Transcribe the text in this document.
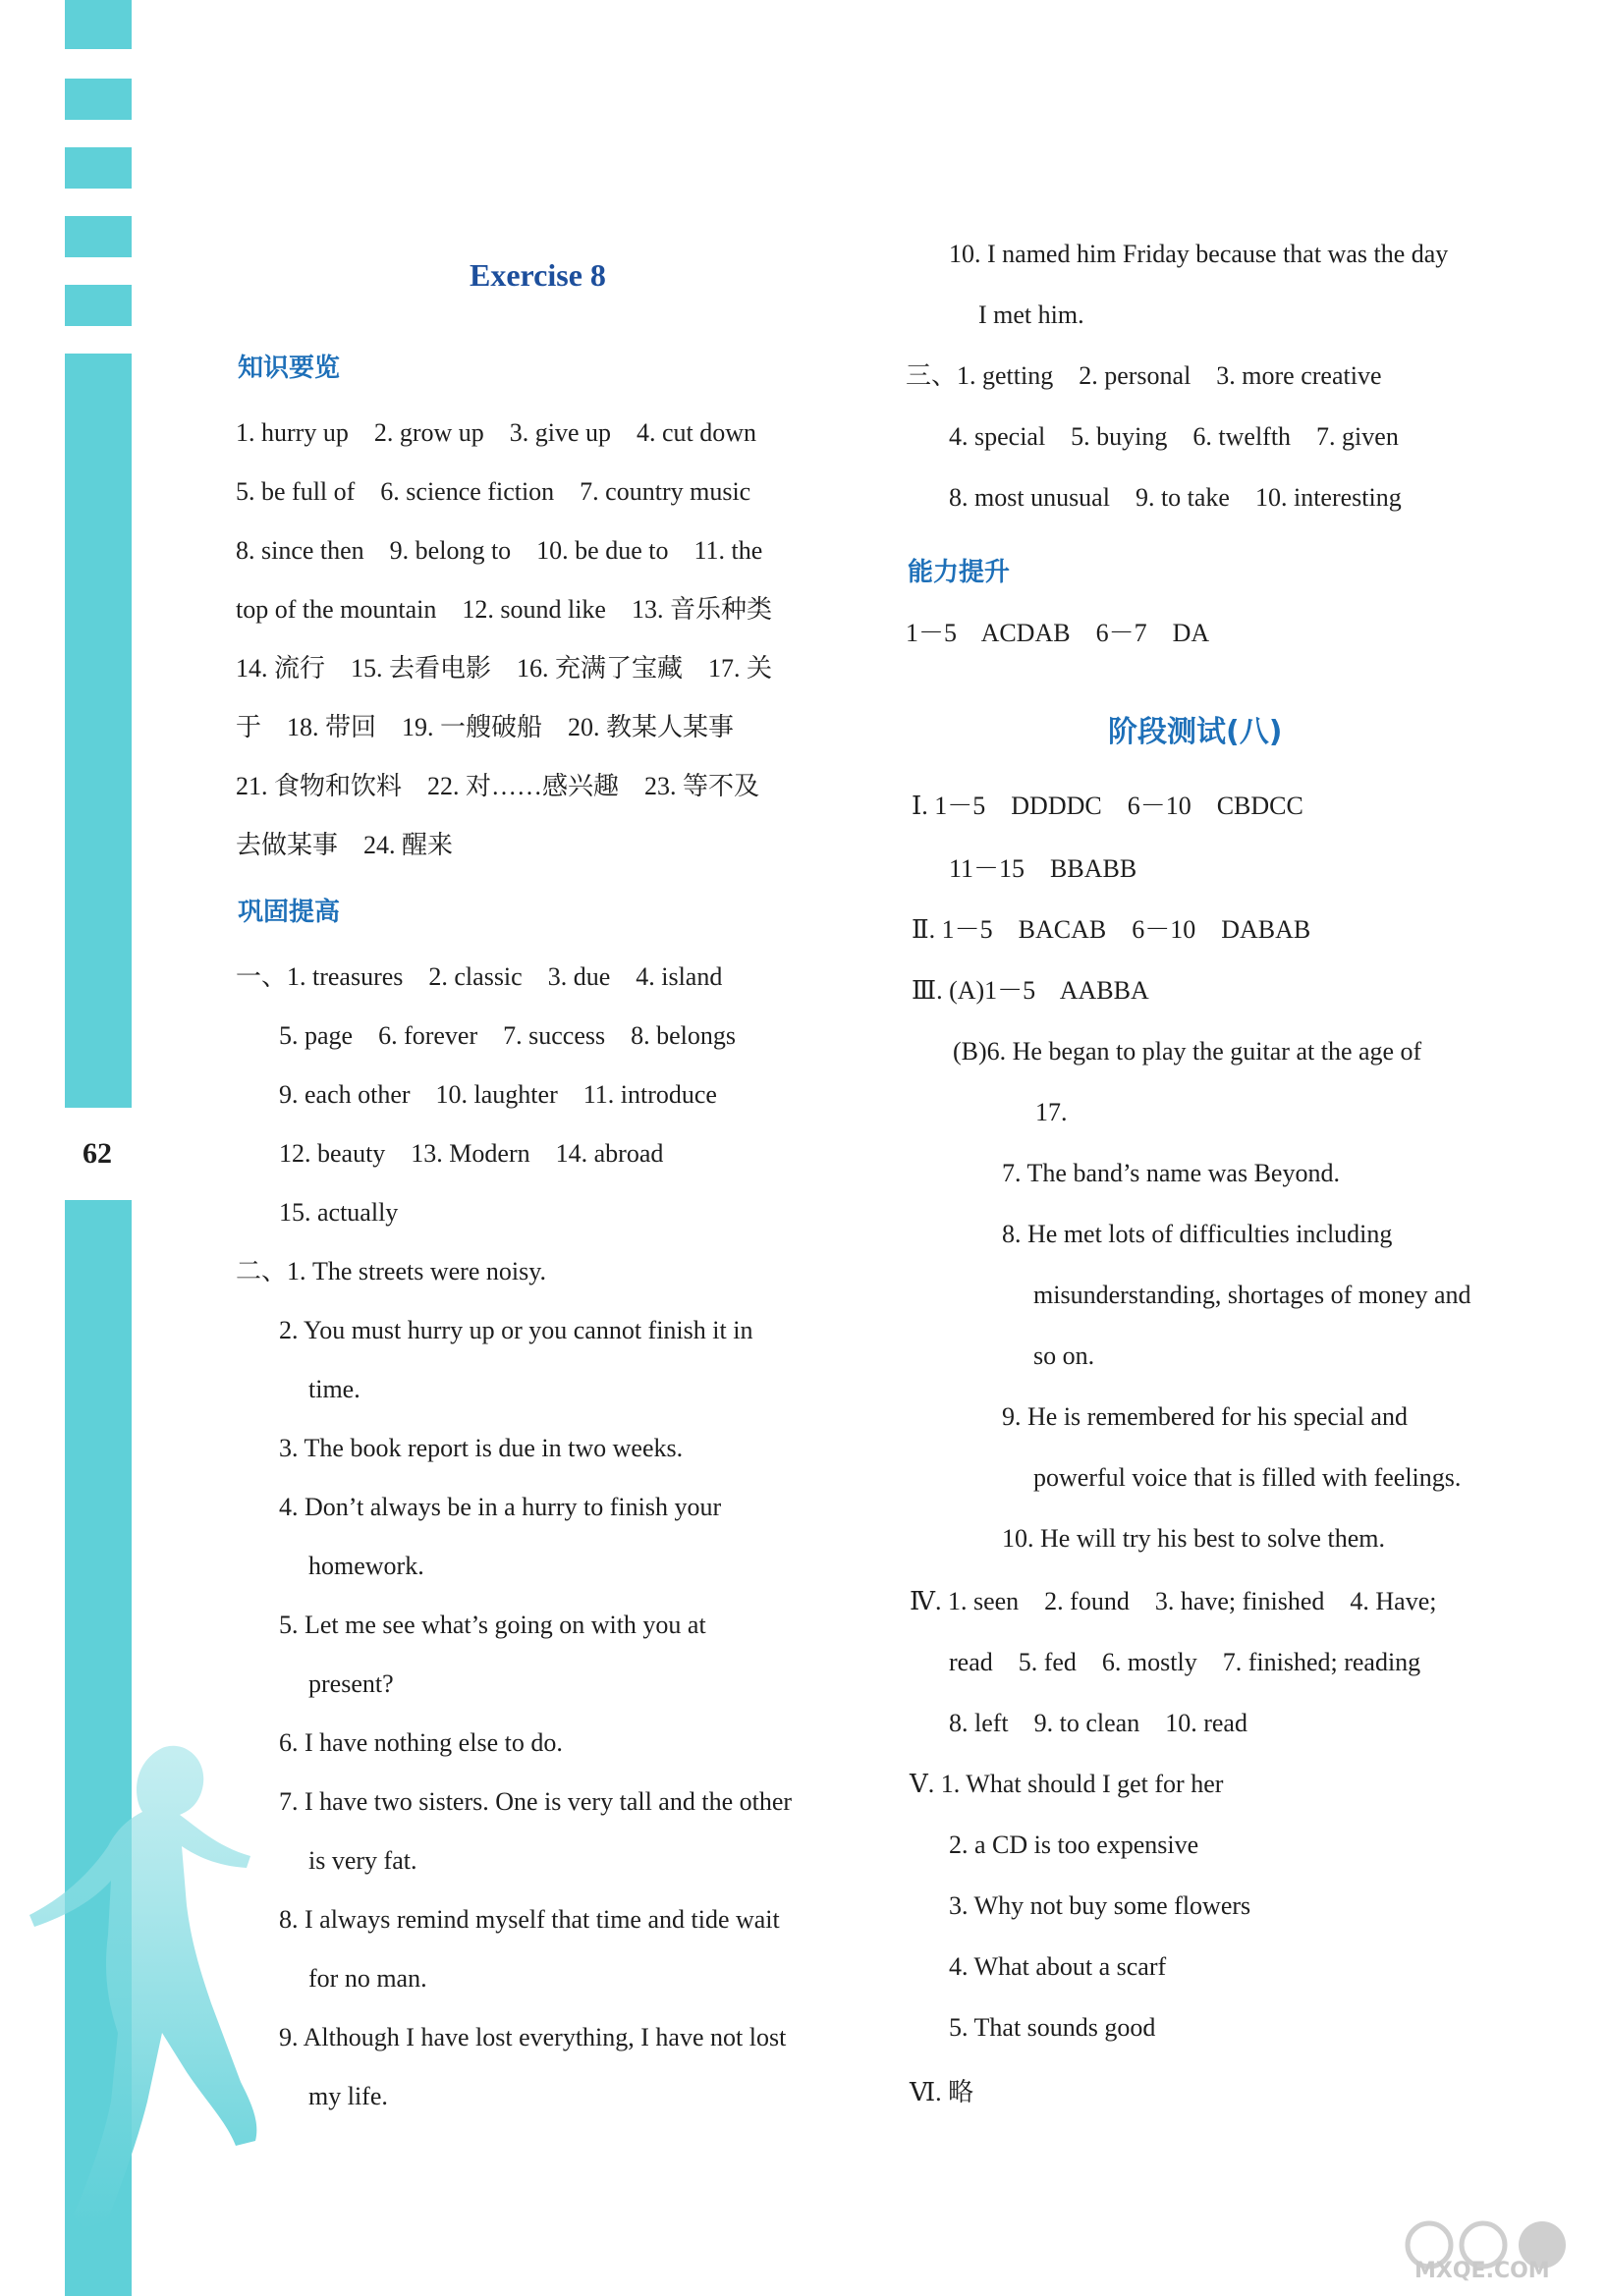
62
Exercise 8
知识要览
1. hurry up    2. grow up    3. give up    4. cut down
5. be full of    6. science fiction    7. country music
8. since then    9. belong to    10. be due to    11. the
top of the mountain    12. sound like    13. 音乐种类
14. 流行    15. 去看电影    16. 充满了宝藏    17. 关
于    18. 带回    19. 一艘破船    20. 教某人某事
21. 食物和饮料    22. 对……感兴趣    23. 等不及
去做某事    24. 醒来
巩固提高
一、1. treasures    2. classic    3. due    4. island
5. page    6. forever    7. success    8. belongs
9. each other    10. laughter    11. introduce
12. beauty    13. Modern    14. abroad
15. actually
二、1. The streets were noisy.
2. You must hurry up or you cannot finish it in
time.
3. The book report is due in two weeks.
4. Don’t always be in a hurry to finish your
homework.
5. Let me see what’s going on with you at
present?
6. I have nothing else to do.
7. I have two sisters. One is very tall and the other
is very fat.
8. I always remind myself that time and tide wait
for no man.
9. Although I have lost everything, I have not lost
my life.
10. I named him Friday because that was the day
I met him.
三、1. getting    2. personal    3. more creative
4. special    5. buying    6. twelfth    7. given
8. most unusual    9. to take    10. interesting
能力提升
1－5    ACDAB    6－7    DA
阶段测试(八)
Ⅰ. 1－5    DDDDC    6－10    CBDCC
11－15    BBABB
Ⅱ. 1－5    BACAB    6－10    DABAB
Ⅲ. (A)1－5    AABBA
(B)6. He began to play the guitar at the age of
17.
7. The band’s name was Beyond.
8. He met lots of difficulties including
misunderstanding, shortages of money and
so on.
9. He is remembered for his special and
powerful voice that is filled with feelings.
10. He will try his best to solve them.
Ⅳ. 1. seen    2. found    3. have; finished    4. Have;
read    5. fed    6. mostly    7. finished; reading
8. left    9. to clean    10. read
Ⅴ. 1. What should I get for her
2. a CD is too expensive
3. Why not buy some flowers
4. What about a scarf
5. That sounds good
Ⅵ. 略
MXQE.COM
